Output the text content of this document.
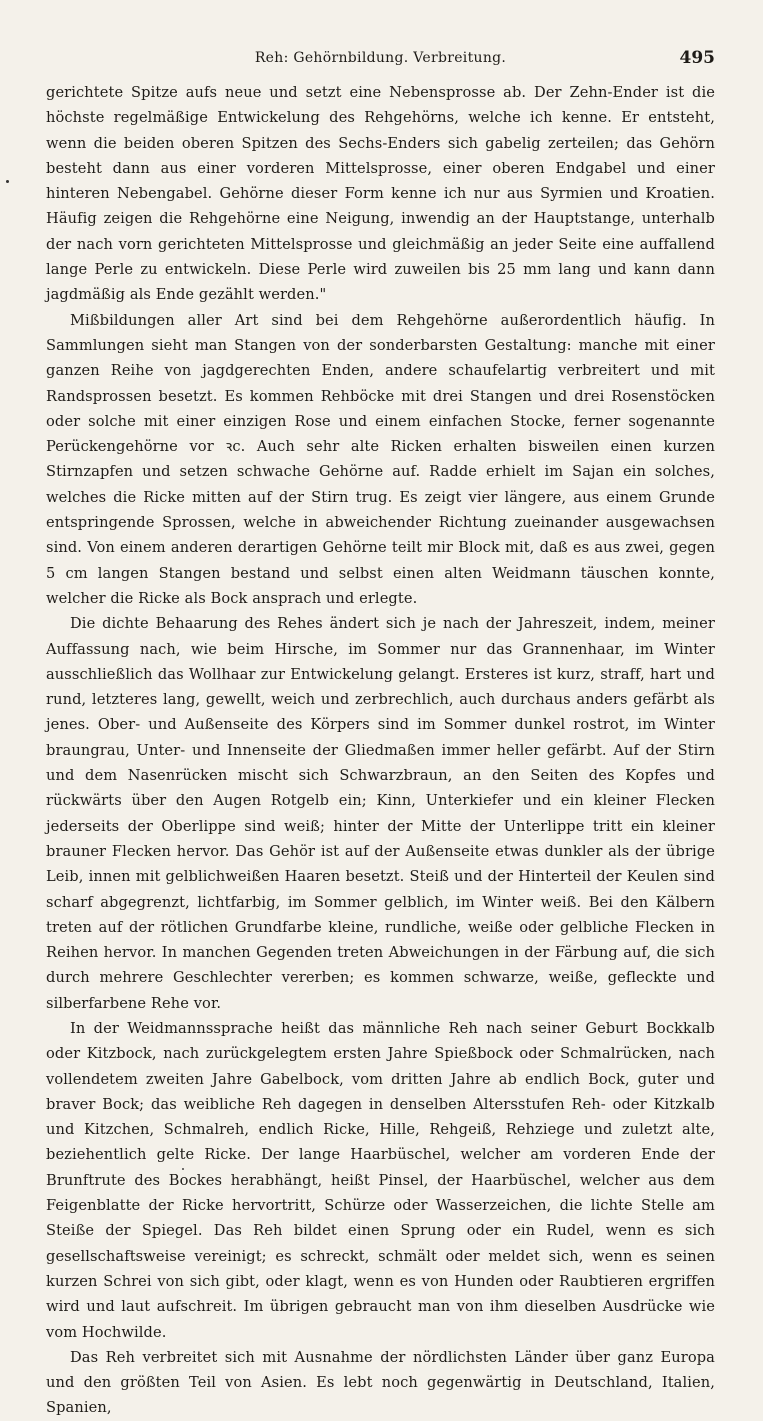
Reh: Gehörnbildung. Verbreitung.	495

gerichtete Spitze aufs neue und setzt eine Nebensprosse ab. Der Zehn-Ender ist die höchste regelmäßige Entwickelung des Rehgehörns, welche ich kenne. Er entsteht, wenn die beiden oberen Spitzen des Sechs-Enders sich gabelig zerteilen; das Gehörn besteht dann aus einer vorderen Mittelsprosse, einer oberen Endgabel und einer hinteren Nebengabel. Gehörne dieser Form kenne ich nur aus Syrmien und Kroatien. Häufig zeigen die Rehgehörne eine Neigung, inwendig an der Hauptstange, unterhalb der nach vorn gerichteten Mittelsprosse und gleichmäßig an jeder Seite eine auffallend lange Perle zu entwickeln. Diese Perle wird zuweilen bis 25 mm lang und kann dann jagdmäßig als Ende gezählt werden."

Mißbildungen aller Art sind bei dem Rehgehörne außerordentlich häufig. In Sammlungen sieht man Stangen von der sonderbarsten Gestaltung: manche mit einer ganzen Reihe von jagdgerechten Enden, andere schaufelartig verbreitert und mit Randsprossen besetzt. Es kommen Rehböcke mit drei Stangen und drei Rosenstöcken oder solche mit einer einzigen Rose und einem einfachen Stocke, ferner sogenannte Perückengehörne vor ꝛc. Auch sehr alte Ricken erhalten bisweilen einen kurzen Stirnzapfen und setzen schwache Gehörne auf. Radde erhielt im Sajan ein solches, welches die Ricke mitten auf der Stirn trug. Es zeigt vier längere, aus einem Grunde entspringende Sprossen, welche in abweichender Richtung zueinander ausgewachsen sind. Von einem anderen derartigen Gehörne teilt mir Block mit, daß es aus zwei, gegen 5 cm langen Stangen bestand und selbst einen alten Weidmann täuschen konnte, welcher die Ricke als Bock ansprach und erlegte.

Die dichte Behaarung des Rehes ändert sich je nach der Jahreszeit, indem, meiner Auffassung nach, wie beim Hirsche, im Sommer nur das Grannenhaar, im Winter ausschließlich das Wollhaar zur Entwickelung gelangt. Ersteres ist kurz, straff, hart und rund, letzteres lang, gewellt, weich und zerbrechlich, auch durchaus anders gefärbt als jenes. Ober- und Außenseite des Körpers sind im Sommer dunkel rostrot, im Winter braungrau, Unter- und Innenseite der Gliedmaßen immer heller gefärbt. Auf der Stirn und dem Nasenrücken mischt sich Schwarzbraun, an den Seiten des Kopfes und rückwärts über den Augen Rotgelb ein; Kinn, Unterkiefer und ein kleiner Flecken jederseits der Oberlippe sind weiß; hinter der Mitte der Unterlippe tritt ein kleiner brauner Flecken hervor. Das Gehör ist auf der Außenseite etwas dunkler als der übrige Leib, innen mit gelblichweißen Haaren besetzt. Steiß und der Hinterteil der Keulen sind scharf abgegrenzt, lichtfarbig, im Sommer gelblich, im Winter weiß. Bei den Kälbern treten auf der rötlichen Grundfarbe kleine, rundliche, weiße oder gelbliche Flecken in Reihen hervor. In manchen Gegenden treten Abweichungen in der Färbung auf, die sich durch mehrere Geschlechter vererben; es kommen schwarze, weiße, gefleckte und silberfarbene Rehe vor.

In der Weidmannssprache heißt das männliche Reh nach seiner Geburt Bockkalb oder Kitzbock, nach zurückgelegtem ersten Jahre Spießbock oder Schmalrücken, nach vollendetem zweiten Jahre Gabelbock, vom dritten Jahre ab endlich Bock, guter und braver Bock; das weibliche Reh dagegen in denselben Altersstufen Reh- oder Kitzkalb und Kitzchen, Schmalreh, endlich Ricke, Hille, Rehgeiß, Rehziege und zuletzt alte, beziehentlich gelte Ricke. Der lange Haarbüschel, welcher am vorderen Ende der Brunftrute des Bockes herabhängt, heißt Pinsel, der Haarbüschel, welcher aus dem Feigenblatte der Ricke hervortritt, Schürze oder Wasserzeichen, die lichte Stelle am Steiße der Spiegel. Das Reh bildet einen Sprung oder ein Rudel, wenn es sich gesellschaftsweise vereinigt; es schreckt, schmält oder meldet sich, wenn es seinen kurzen Schrei von sich gibt, oder klagt, wenn es von Hunden oder Raubtieren ergriffen wird und laut aufschreit. Im übrigen gebraucht man von ihm dieselben Ausdrücke wie vom Hochwilde.

Das Reh verbreitet sich mit Ausnahme der nördlichsten Länder über ganz Europa und den größten Teil von Asien. Es lebt noch gegenwärtig in Deutschland, Italien, Spanien,
